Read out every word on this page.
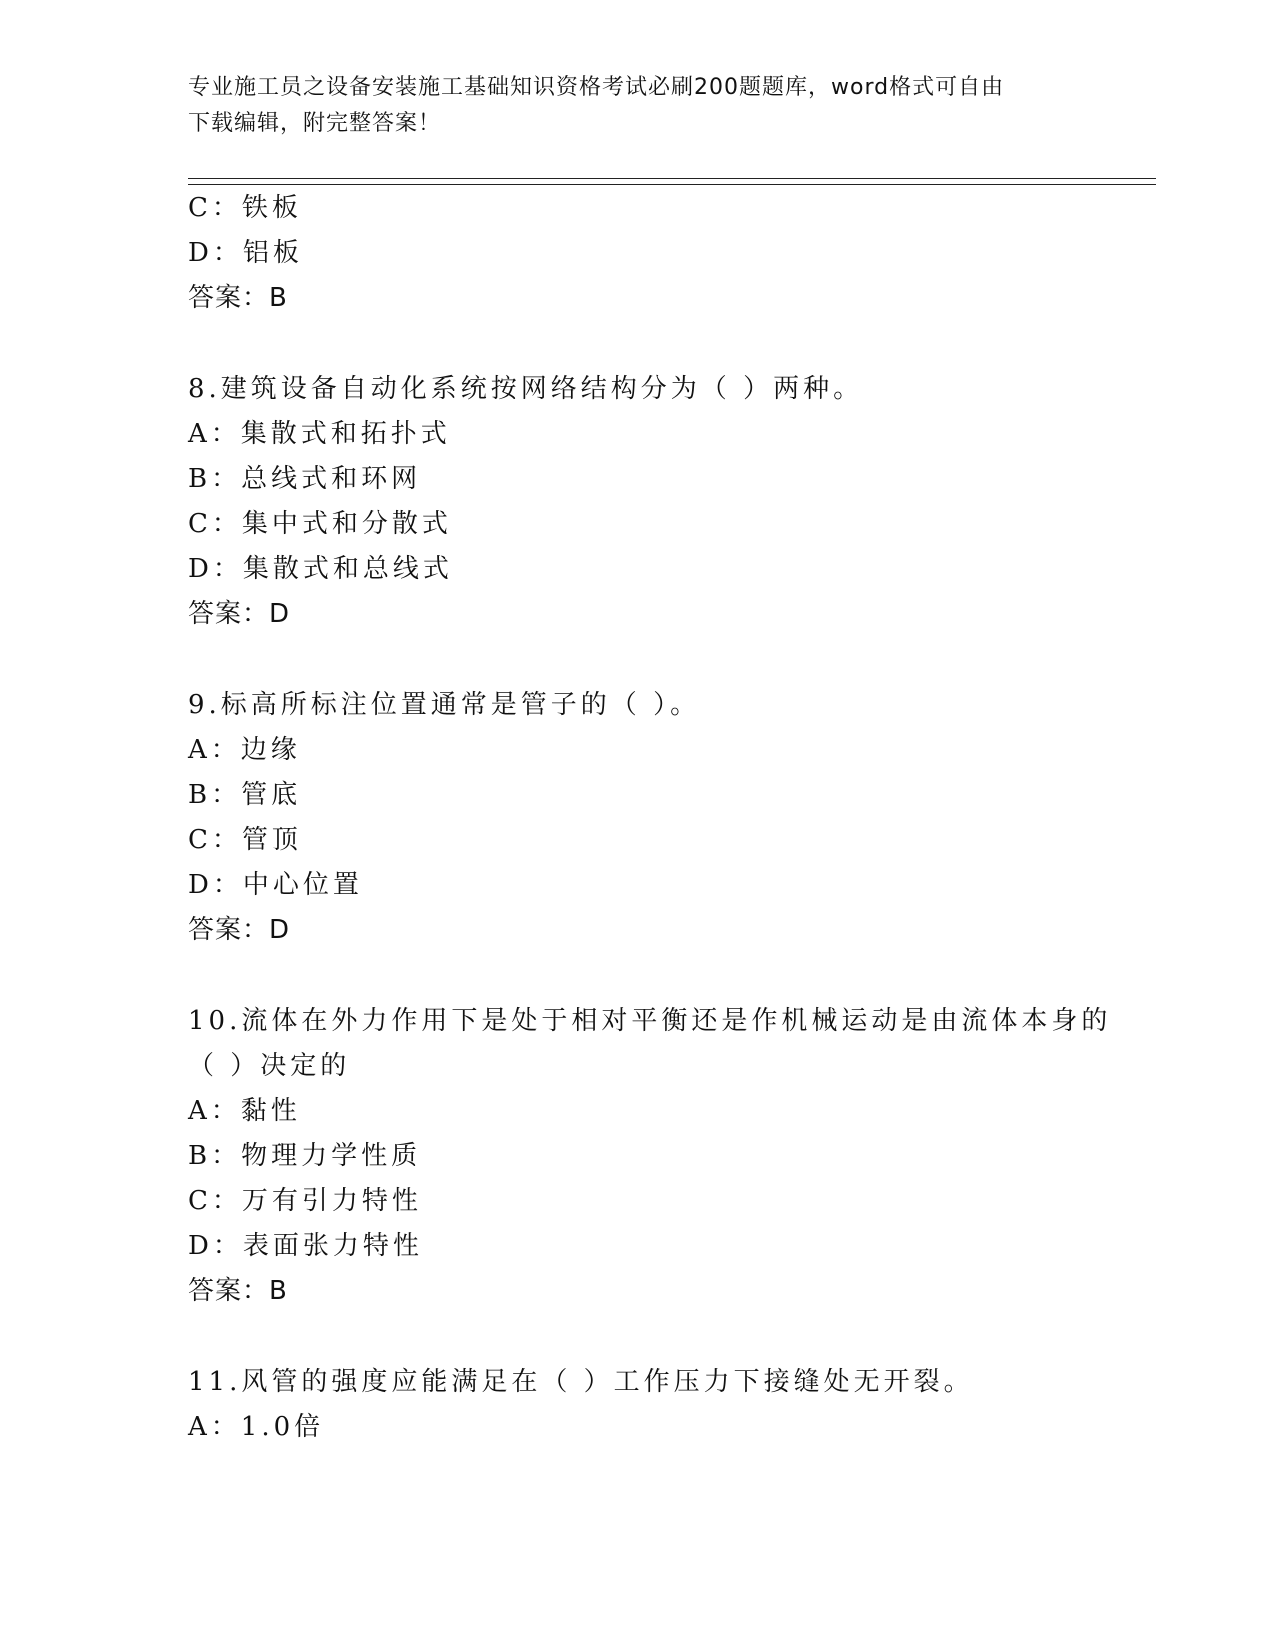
专业施工员之设备安装施工基础知识资格考试必刷200题题库，word格式可自由
下载编辑，附完整答案！
C：铁板
D：铝板
答案：B
8.建筑设备自动化系统按网络结构分为（ ）两种。
A：集散式和拓扑式
B：总线式和环网
C：集中式和分散式
D：集散式和总线式
答案：D
9.标高所标注位置通常是管子的（ ）。
A：边缘
B：管底
C：管顶
D：中心位置
答案：D
10.流体在外力作用下是处于相对平衡还是作机械运动是由流体本身的
（ ）决定的
A：黏性
B：物理力学性质
C：万有引力特性
D：表面张力特性
答案：B
11.风管的强度应能满足在（ ）工作压力下接缝处无开裂。
A：1.0倍
